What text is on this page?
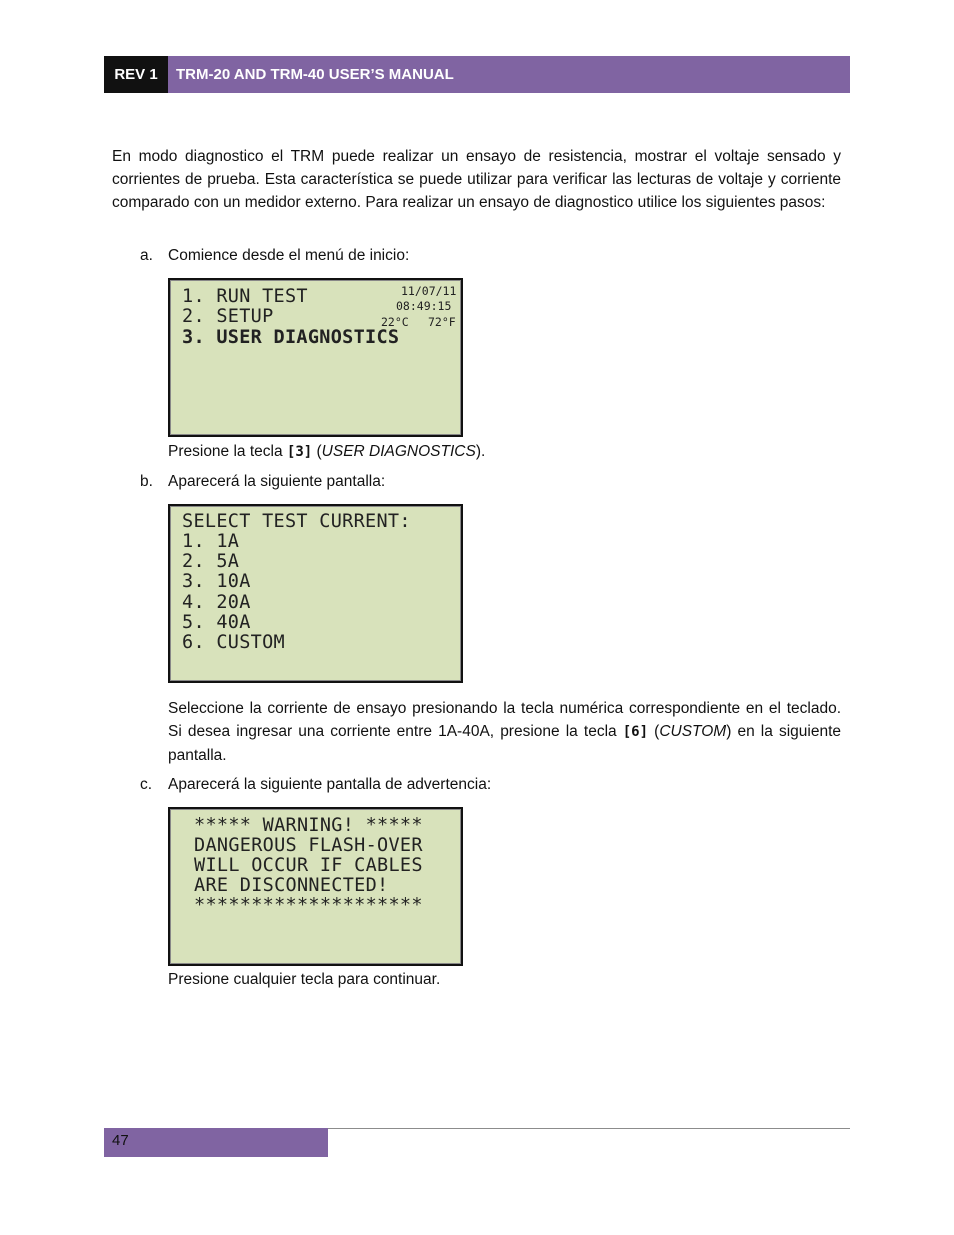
REV 1	TRM-20 AND TRM-40 USER’S MANUAL
En modo diagnostico el TRM puede realizar un ensayo de resistencia, mostrar el voltaje sensado y corrientes de prueba. Esta característica se puede utilizar para verificar las lecturas de voltaje y corriente comparado con un medidor externo. Para realizar un ensayo de diagnostico utilice los siguientes pasos:
a. Comience desde el menú de inicio:
1. RUN TEST
2. SETUP
3. USER DIAGNOSTICS
11/07/11
08:49:15
22°C 72°F
Presione la tecla [3] (USER DIAGNOSTICS).
b. Aparecerá la siguiente pantalla:
SELECT TEST CURRENT:
1. 1A
2. 5A
3. 10A
4. 20A
5. 40A
6. CUSTOM
Seleccione la corriente de ensayo presionando la tecla numérica correspondiente en el teclado. Si desea ingresar una corriente entre 1A-40A, presione la tecla [6] (CUSTOM) en la siguiente pantalla.
c.	Aparecerá la siguiente pantalla de advertencia:
***** WARNING! *****
DANGEROUS FLASH-OVER
WILL OCCUR IF CABLES
ARE DISCONNECTED!
********************
Presione cualquier tecla para continuar.
47
